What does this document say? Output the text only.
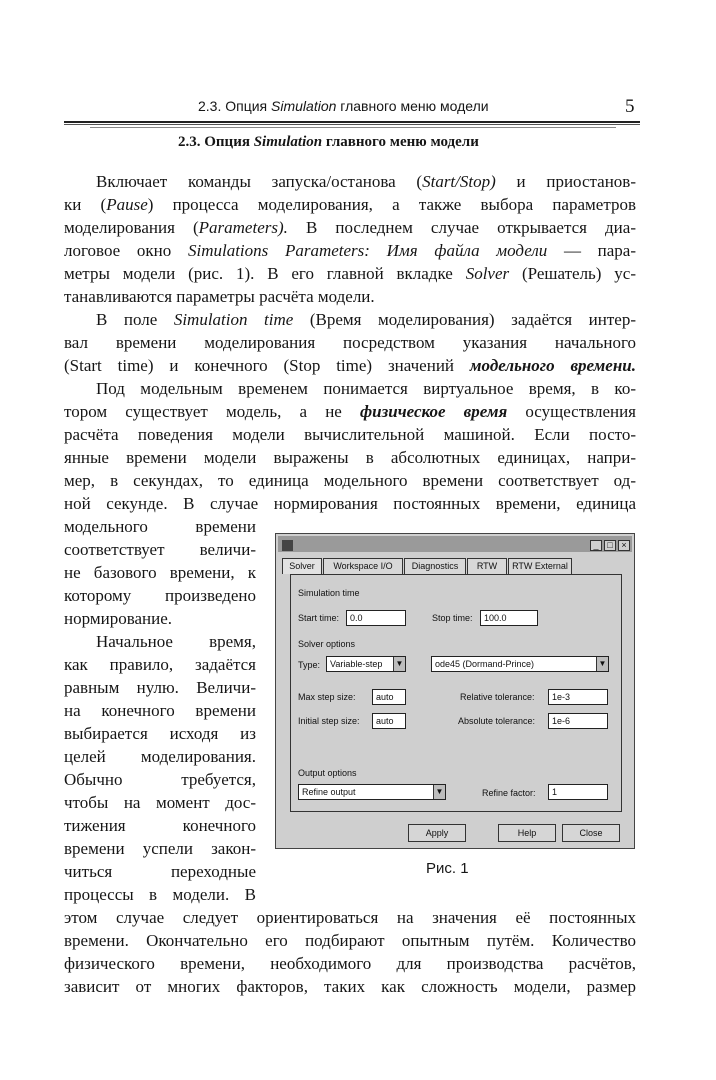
2.3. Опция Simulation главного меню модели	5
2.3. Опция Simulation главного меню модели
Включает команды запуска/останова (Start/Stop) и приостанов-
ки (Pause) процесса моделирования, а также выбора параметров
моделирования (Parameters). В последнем случае открывается диа-
логовое окно Simulations Parameters: Имя файла модели — пара-
метры модели (рис. 1). В его главной вкладке Solver (Решатель) ус-
танавливаются параметры расчёта модели.
В поле Simulation time (Время моделирования) задаётся интер-
вал времени моделирования посредством указания начального
(Start time) и конечного (Stop time) значений модельного времени.
Под модельным временем понимается виртуальное время, в ко-
тором существует модель, а не физическое время осуществления
расчёта поведения модели вычислительной машиной. Если посто-
янные времени модели выражены в абсолютных единицах, напри-
мер, в секундах, то единица модельного времени соответствует од-
ной секунде. В случае нормирования постоянных времени, единица
модельного времени
соответствует величи-
не базового времени, к
которому произведено
нормирование.
Начальное время,
как правило, задаётся
равным нулю. Величи-
на конечного времени
выбирается исходя из
целей моделирования.
Обычно требуется,
чтобы на момент дос-
тижения конечного
времени успели закон-
читься переходные
процессы в модели. В
этом случае следует ориентироваться на значения её постоянных
времени. Окончательно его подбирают опытным путём. Количество
физического времени, необходимого для производства расчётов,
зависит от многих факторов, таких как сложность модели, размер
_ □ ×
Solver	Workspace I/O	Diagnostics	RTW	RTW External
Simulation time
Start time:	0.0	Stop time:	100.0
Solver options
Type:	Variable-step	▼	ode45 (Dormand-Prince)	▼
Max step size:	auto	Relative tolerance:	1e-3
Initial step size:	auto	Absolute tolerance:	1e-6
Output options
Refine output	▼	Refine factor:	1
Apply	Help	Close
Рис. 1
